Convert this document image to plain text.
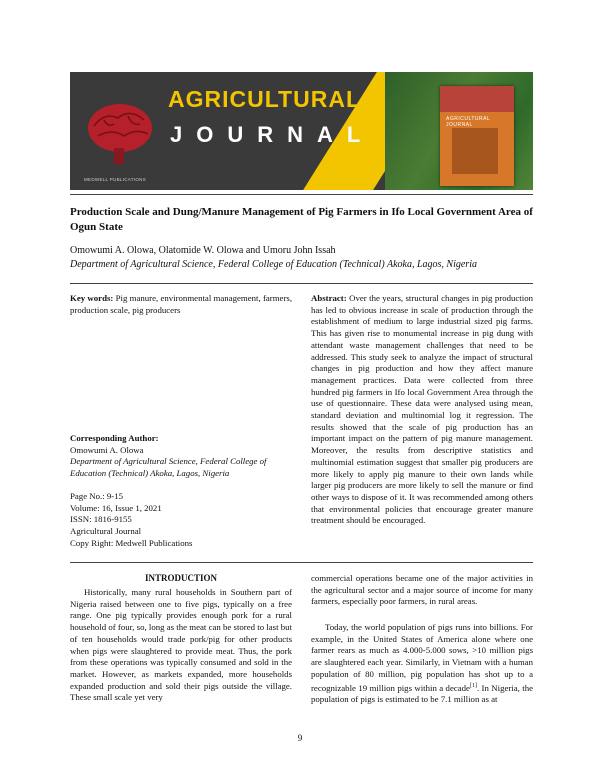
AGRICULTURAL JOURNAL
MEDWELL PUBLICATIONS
AGRICULTURAL
JOURNAL
Production Scale and Dung/Manure Management of Pig Farmers in Ifo Local Government Area of Ogun State
Omowumi A. Olowa, Olatomide W. Olowa and Umoru John Issah
Department of Agricultural Science, Federal College of Education (Technical) Akoka, Lagos, Nigeria
Key words: Pig manure, environmental management, farmers, production scale, pig producers
Corresponding Author:
Omowumi A. Olowa
Department of Agricultural Science, Federal College of Education (Technical) Akoka, Lagos, Nigeria
Page No.: 9-15
Volume: 16, Issue 1, 2021
ISSN: 1816-9155
Agricultural Journal
Copy Right: Medwell Publications
Abstract: Over the years, structural changes in pig production has led to obvious increase in scale of production through the establishment of medium to large industrial sized pig farms. This has given rise to monumental increase in pig dung with attendant waste management challenges that need to be addressed. This study seek to analyze the impact of structural changes in pig production and how they affect manure management practices. Data were collected from three hundred pig farmers in Ifo local Government Area through the use of questionnaire. These data were analysed using mean, standard deviation and multinomial log it regression. The results showed that the scale of pig production has an important impact on the pattern of pig manure management. Moreover, the results from descriptive statistics and multinomial estimation suggest that smaller pig producers are more likely to apply pig manure to their own lands while larger pig producers are more likely to sell the manure or find other ways to dispose of it. It was recommended among others that environmental policies that encourage greater manure treatment should be encouraged.
INTRODUCTION
Historically, many rural households in Southern part of Nigeria raised between one to five pigs, typically on a free range. One pig typically provides enough pork for a rural household of four, so, long as the meat can be stored to last but of ten households would trade pork/pig for other products when pigs were slaughtered to provide meat. Thus, the pork from these operations was typically consumed and sold in the market. However, as markets expanded, more households expanded production and sold their pigs outside the village. These small scale yet very
commercial operations became one of the major activities in the agricultural sector and a major source of income for many farmers, especially poor farmers, in rural areas.
Today, the world population of pigs runs into billions. For example, in the United States of America alone where one farmer rears as much as 4.000-5.000 sows, >10 million pigs are slaughtered each year. Similarly, in Vietnam with a human population of 80 million, pig population has shot up to a recognizable 19 million pigs within a decade[1]. In Nigeria, the population of pigs is estimated to be 7.1 million as at
9
